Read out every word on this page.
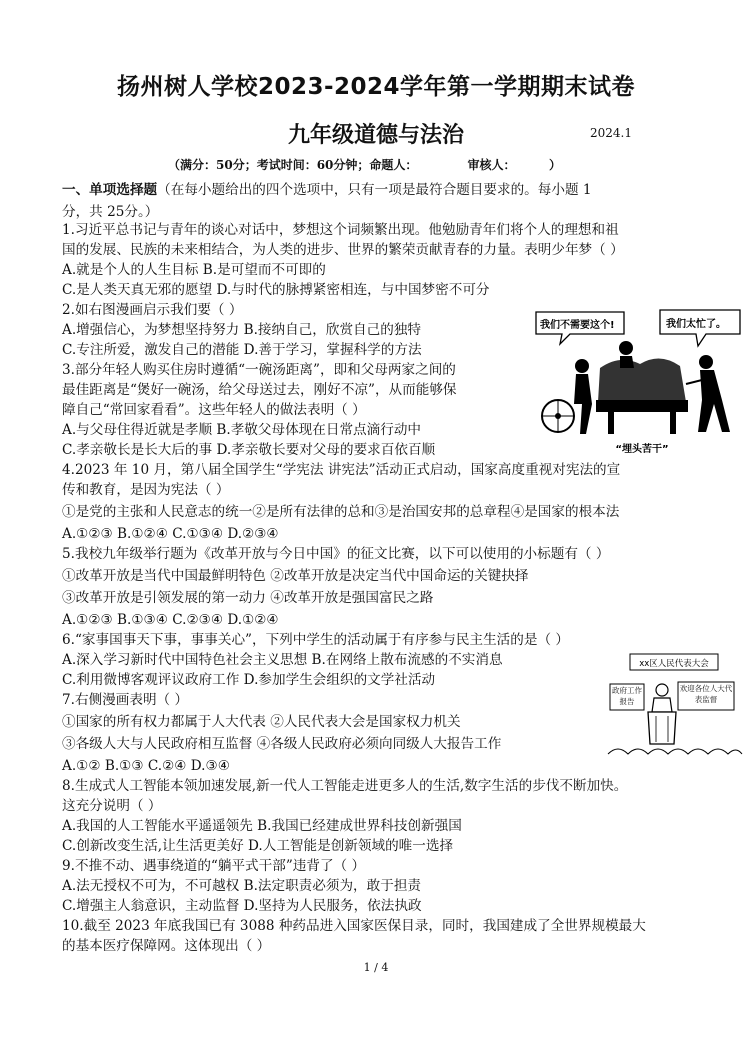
扬州树人学校2023-2024学年第一学期期末试卷
九年级道德与法治	2024.1
（满分：50分；考试时间：60分钟；命题人：            审核人：        ）
一、单项选择题（在每小题给出的四个选项中，只有一项是最符合题目要求的。每小题 1
分，共 25分。）
1.习近平总书记与青年的谈心对话中，梦想这个词频繁出现。他勉励青年们将个人的理想和祖
国的发展、民族的未来相结合，为人类的进步、世界的繁荣贡献青春的力量。表明少年梦（ ）
A.就是个人的人生目标 B.是可望而不可即的
C.是人类天真无邪的愿望 D.与时代的脉搏紧密相连，与中国梦密不可分
2.如右图漫画启示我们要（ ）
A.增强信心，为梦想坚持努力 B.接纳自己，欣赏自己的独特
C.专注所爱，激发自己的潜能 D.善于学习，掌握科学的方法
3.部分年轻人购买住房时遵循“一碗汤距离”，即和父母两家之间的
最佳距离是“煲好一碗汤，给父母送过去，刚好不凉”，从而能够保
障自己“常回家看看”。这些年轻人的做法表明（ ）
A.与父母住得近就是孝顺 B.孝敬父母体现在日常点滴行动中
C.孝亲敬长是长大后的事 D.孝亲敬长要对父母的要求百依百顺
4.2023 年 10 月，第八届全国学生“学宪法 讲宪法”活动正式启动，国家高度重视对宪法的宣
传和教育，是因为宪法（ ）
①是党的主张和人民意志的统一②是所有法律的总和③是治国安邦的总章程④是国家的根本法
A.①②③ B.①②④ C.①③④ D.②③④
5.我校九年级举行题为《改革开放与今日中国》的征文比赛，以下可以使用的小标题有（ ）
①改革开放是当代中国最鲜明特色 ②改革开放是决定当代中国命运的关键抉择
③改革开放是引领发展的第一动力 ④改革开放是强国富民之路
A.①②③ B.①③④ C.②③④ D.①②④
6.“家事国事天下事，事事关心”，下列中学生的活动属于有序参与民主生活的是（ ）
A.深入学习新时代中国特色社会主义思想 B.在网络上散布流感的不实消息
C.利用微博客观评议政府工作 D.参加学生会组织的文学社活动
7.右侧漫画表明（ ）
①国家的所有权力都属于人大代表 ②人民代表大会是国家权力机关
③各级人大与人民政府相互监督 ④各级人民政府必须向同级人大报告工作
A.①② B.①③ C.②④ D.③④
8.生成式人工智能本领加速发展,新一代人工智能走进更多人的生活,数字生活的步伐不断加快。
这充分说明（ ）
A.我国的人工智能水平遥遥领先 B.我国已经建成世界科技创新强国
C.创新改变生活,让生活更美好 D.人工智能是创新领域的唯一选择
9.不推不动、遇事绕道的“躺平式干部”违背了（ ）
A.法无授权不可为，不可越权 B.法定职责必须为，敢于担责
C.增强主人翁意识，主动监督 D.坚持为人民服务，依法执政
10.截至 2023 年底我国已有 3088 种药品进入国家医保目录，同时，我国建成了全世界规模最大
的基本医疗保障网。这体现出（ ）
我们不需要这个!	我们太忙了。
“埋头苦干”
xx区人民代表大会
政府工作报告
欢迎各位人大代表监督
1 / 4
